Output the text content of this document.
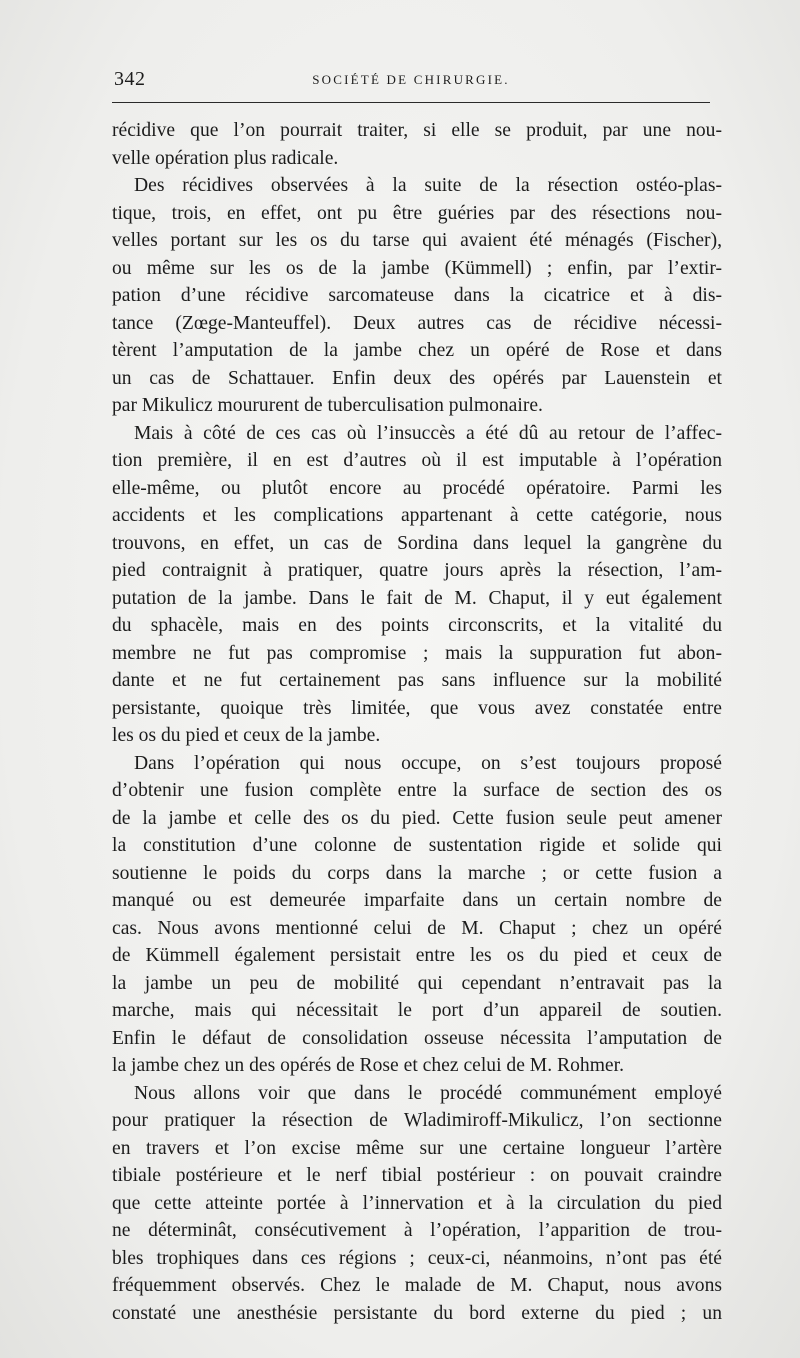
342	SOCIÉTÉ DE CHIRURGIE.
récidive que l’on pourrait traiter, si elle se produit, par une nou-
velle opération plus radicale.
Des récidives observées à la suite de la résection ostéo-plas-
tique, trois, en effet, ont pu être guéries par des résections nou-
velles portant sur les os du tarse qui avaient été ménagés (Fischer),
ou même sur les os de la jambe (Kümmell) ; enfin, par l’extir-
pation d’une récidive sarcomateuse dans la cicatrice et à dis-
tance (Zœge-Manteuffel). Deux autres cas de récidive nécessi-
tèrent l’amputation de la jambe chez un opéré de Rose et dans
un cas de Schattauer. Enfin deux des opérés par Lauenstein et
par Mikulicz moururent de tuberculisation pulmonaire.
Mais à côté de ces cas où l’insuccès a été dû au retour de l’affec-
tion première, il en est d’autres où il est imputable à l’opération
elle-même, ou plutôt encore au procédé opératoire. Parmi les
accidents et les complications appartenant à cette catégorie, nous
trouvons, en effet, un cas de Sordina dans lequel la gangrène du
pied contraignit à pratiquer, quatre jours après la résection, l’am-
putation de la jambe. Dans le fait de M. Chaput, il y eut également
du sphacèle, mais en des points circonscrits, et la vitalité du
membre ne fut pas compromise ; mais la suppuration fut abon-
dante et ne fut certainement pas sans influence sur la mobilité
persistante, quoique très limitée, que vous avez constatée entre
les os du pied et ceux de la jambe.
Dans l’opération qui nous occupe, on s’est toujours proposé
d’obtenir une fusion complète entre la surface de section des os
de la jambe et celle des os du pied. Cette fusion seule peut amener
la constitution d’une colonne de sustentation rigide et solide qui
soutienne le poids du corps dans la marche ; or cette fusion a
manqué ou est demeurée imparfaite dans un certain nombre de
cas. Nous avons mentionné celui de M. Chaput ; chez un opéré
de Kümmell également persistait entre les os du pied et ceux de
la jambe un peu de mobilité qui cependant n’entravait pas la
marche, mais qui nécessitait le port d’un appareil de soutien.
Enfin le défaut de consolidation osseuse nécessita l’amputation de
la jambe chez un des opérés de Rose et chez celui de M. Rohmer.
Nous allons voir que dans le procédé communément employé
pour pratiquer la résection de Wladimiroff-Mikulicz, l’on sectionne
en travers et l’on excise même sur une certaine longueur l’artère
tibiale postérieure et le nerf tibial postérieur : on pouvait craindre
que cette atteinte portée à l’innervation et à la circulation du pied
ne déterminât, consécutivement à l’opération, l’apparition de trou-
bles trophiques dans ces régions ; ceux-ci, néanmoins, n’ont pas été
fréquemment observés. Chez le malade de M. Chaput, nous avons
constaté une anesthésie persistante du bord externe du pied ; un
